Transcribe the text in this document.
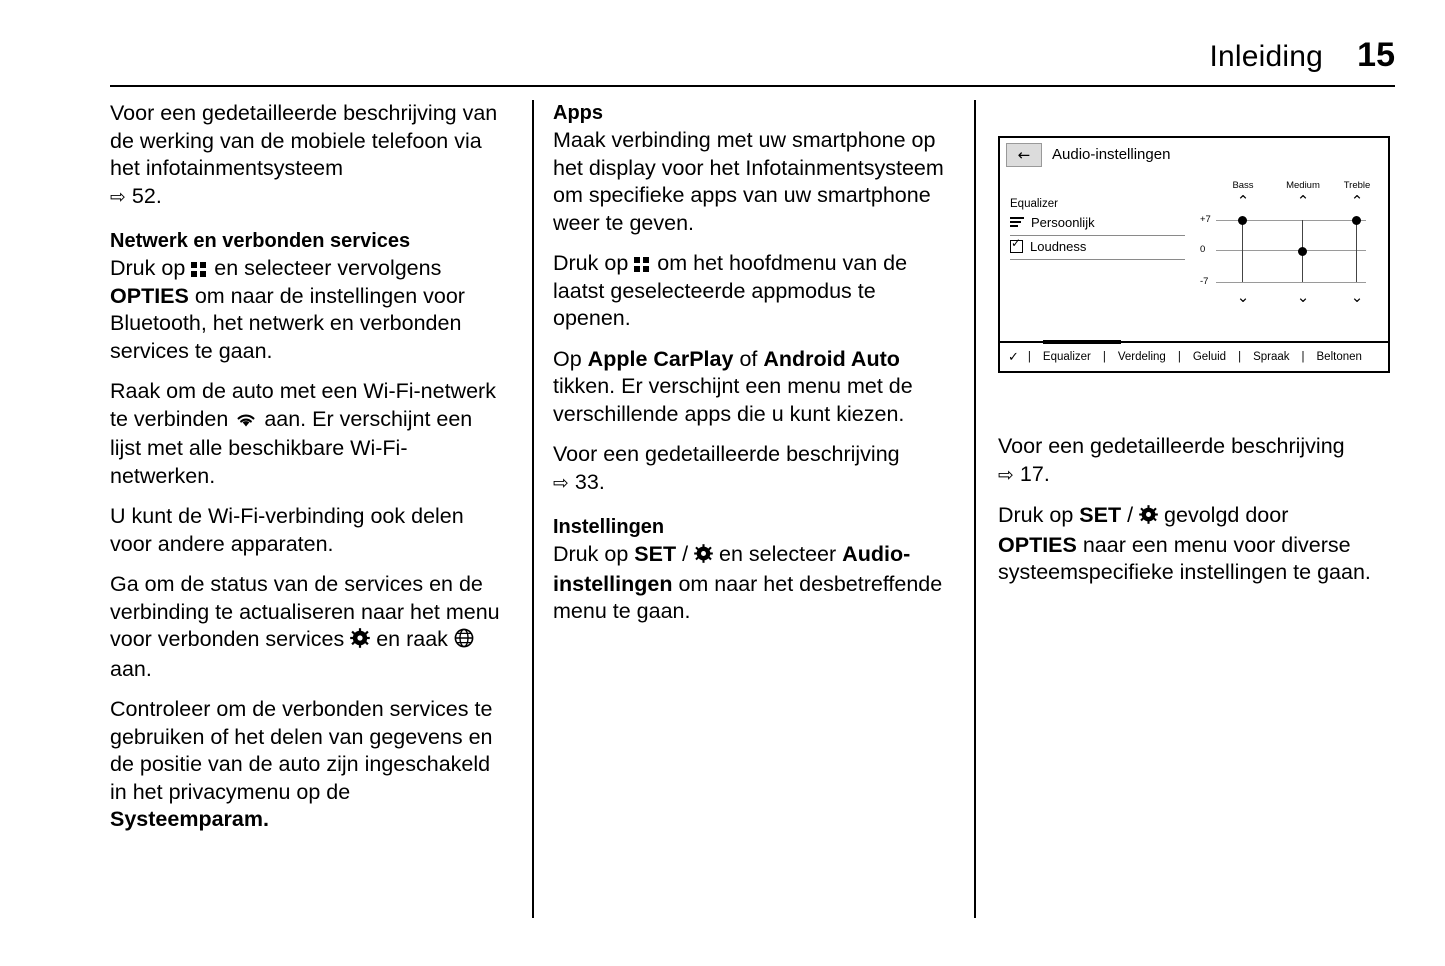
Inleiding 15

Voor een gedetailleerde beschrijving van de werking van de mobiele telefoon via het infotainmentsysteem
⇨ 52.

Netwerk en verbonden services

Druk op en selecteer vervolgens
OPTIES om naar de instellingen voor Bluetooth, het netwerk en verbonden services te gaan.

Raak om de auto met een Wi-Fi-netwerk te verbinden aan. Er verschijnt een lijst met alle beschikbare Wi-Fi-netwerken.

U kunt de Wi-Fi-verbinding ook delen voor andere apparaten.

Ga om de status van de services en de verbinding te actualiseren naar het menu voor verbonden services en raak  aan.

Controleer om de verbonden services te gebruiken of het delen van gegevens en de positie van de auto zijn ingeschakeld in het privacymenu op de Systeemparam.

Apps

Maak verbinding met uw smartphone op het display voor het Infotainmentsysteem om specifieke apps van uw smartphone weer te geven.

Druk op om het hoofdmenu van de laatst geselecteerde appmodus te openen.

Op Apple CarPlay of Android Auto tikken. Er verschijnt een menu met de verschillende apps die u kunt kiezen.

Voor een gedetailleerde beschrijving
⇨ 33.

Instellingen

Druk op SET / en selecteer Audio-instellingen om naar het desbetreffende menu te gaan.

←	Audio-instellingen
Equalizer
Persoonlijk
✓
Loudness
Bass	Medium	Treble
⌃	⌃	⌃
+7
0
-7
⌄	⌄	⌄
✓ |	Equalizer	|	Verdeling	|	Geluid	|	Spraak	|	Beltonen

Voor een gedetailleerde beschrijving
⇨ 17.

Druk op SET / gevolgd door
OPTIES naar een menu voor diverse systeemspecifieke instellingen te gaan.
